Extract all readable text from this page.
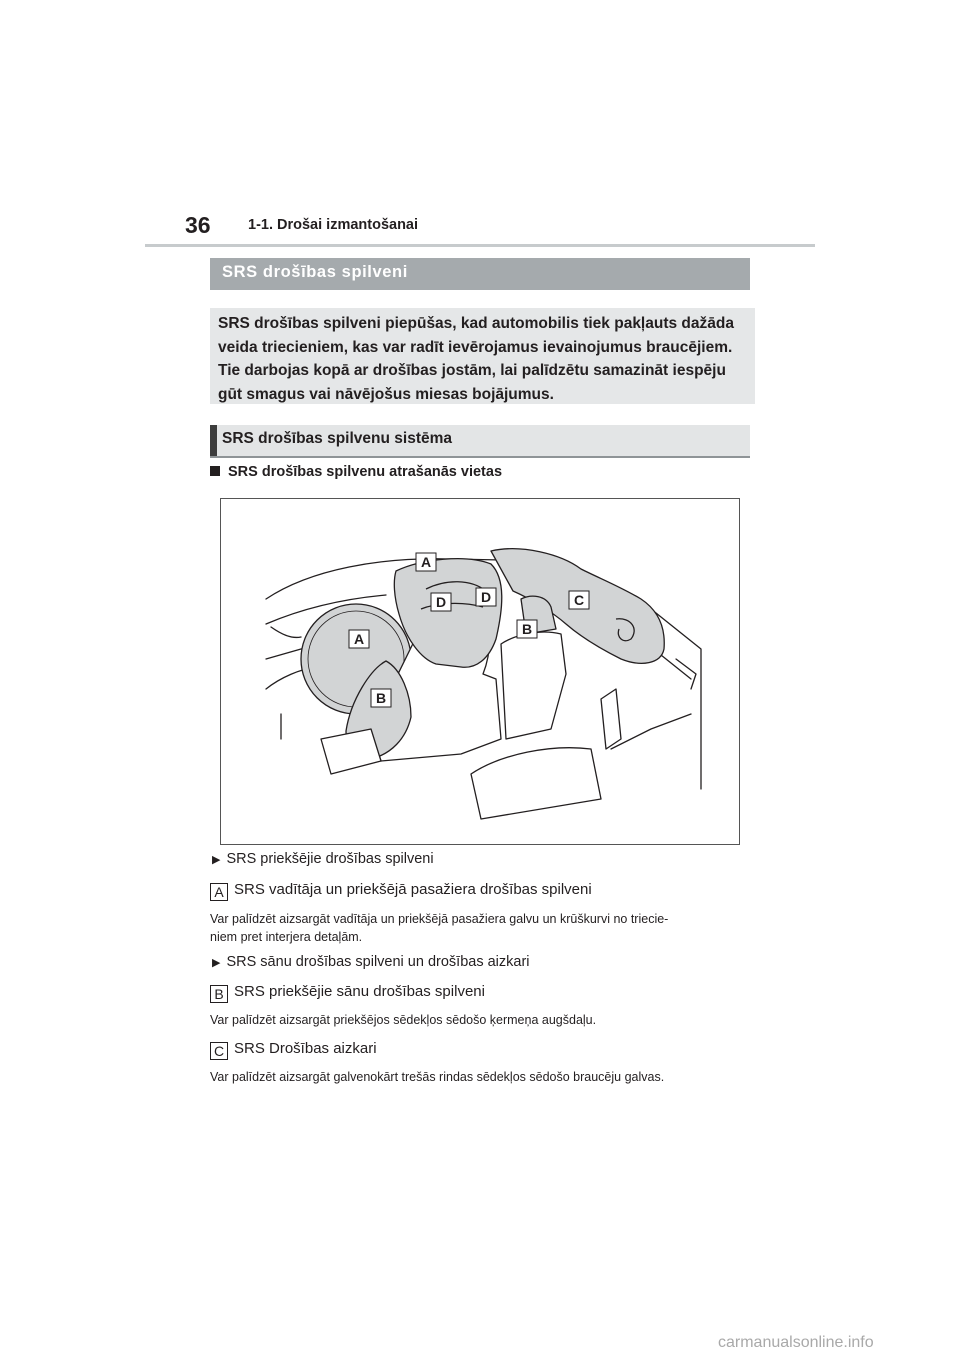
36	1-1. Drošai izmantošanai
SRS drošības spilveni

SRS drošības spilveni piepūšas, kad automobilis tiek pakļauts dažāda veida triecieniem, kas var radīt ievērojamus ievainojumus braucējiem. Tie darbojas kopā ar drošības jostām, lai palīdzētu samazināt iespēju gūt smagus vai nāvējošus miesas bojājumus.

SRS drošības spilvenu sistēma
SRS drošības spilvenu atrašanās vietas
A
A
B
B
C
D D
▶ SRS priekšējie drošības spilveni
A SRS vadītāja un priekšējā pasažiera drošības spilveni
Var palīdzēt aizsargāt vadītāja un priekšējā pasažiera galvu un krūškurvi no triecie-
niem pret interjera detaļām.
▶ SRS sānu drošības spilveni un drošības aizkari
B SRS priekšējie sānu drošības spilveni
Var palīdzēt aizsargāt priekšējos sēdekļos sēdošo ķermeņa augšdaļu.
C SRS Drošības aizkari
Var palīdzēt aizsargāt galvenokārt trešās rindas sēdekļos sēdošo braucēju galvas.
carmanualsonline.info
